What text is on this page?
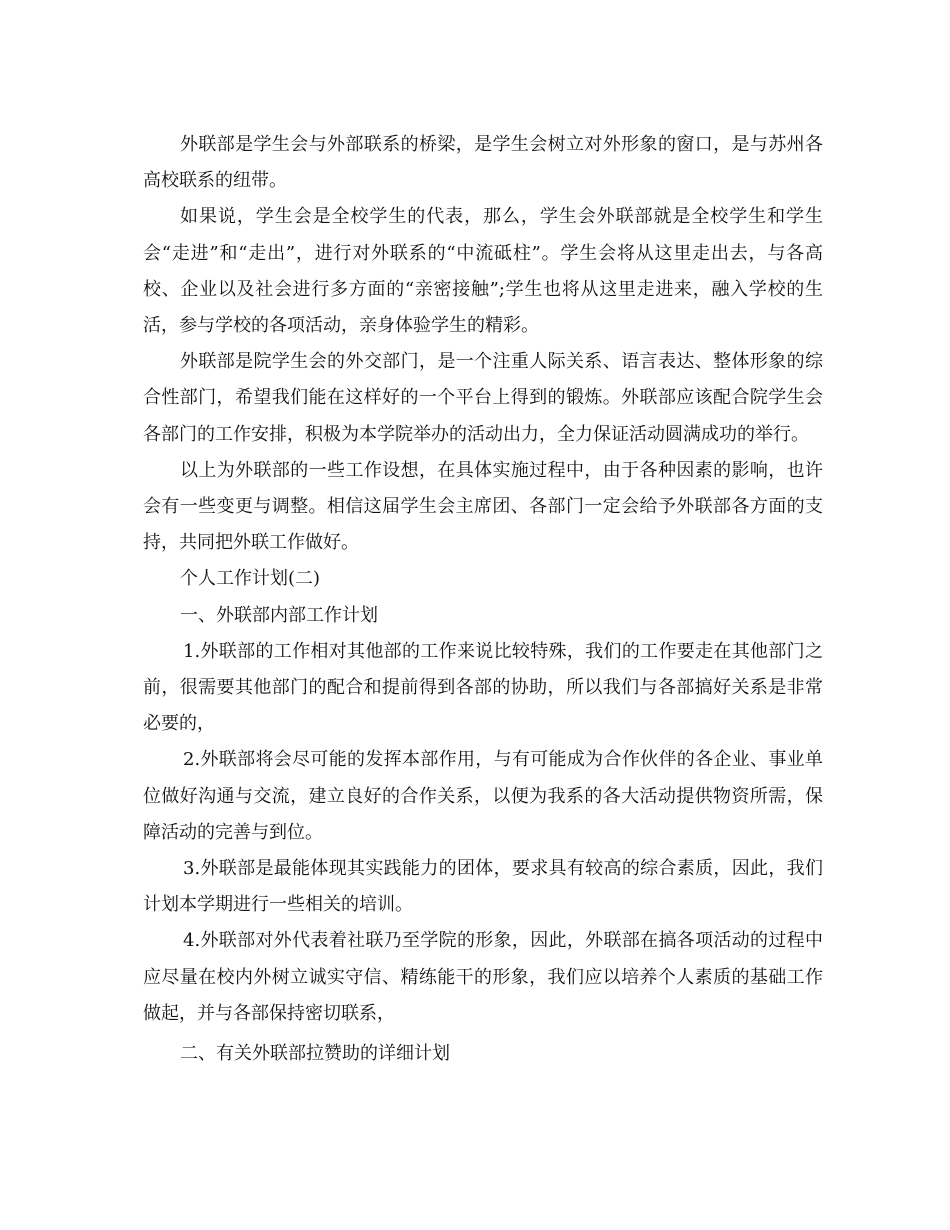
外联部是学生会与外部联系的桥梁，是学生会树立对外形象的窗口，是与苏州各高校联系的纽带。

如果说，学生会是全校学生的代表，那么，学生会外联部就是全校学生和学生会“走进”和“走出”，进行对外联系的“中流砥柱”。学生会将从这里走出去，与各高校、企业以及社会进行多方面的“亲密接触”;学生也将从这里走进来，融入学校的生活，参与学校的各项活动，亲身体验学生的精彩。

外联部是院学生会的外交部门，是一个注重人际关系、语言表达、整体形象的综合性部门，希望我们能在这样好的一个平台上得到的锻炼。外联部应该配合院学生会各部门的工作安排，积极为本学院举办的活动出力，全力保证活动圆满成功的举行。

以上为外联部的一些工作设想，在具体实施过程中，由于各种因素的影响，也许会有一些变更与调整。相信这届学生会主席团、各部门一定会给予外联部各方面的支持，共同把外联工作做好。

个人工作计划(二)

一、外联部内部工作计划

1.外联部的工作相对其他部的工作来说比较特殊，我们的工作要走在其他部门之前，很需要其他部门的配合和提前得到各部的协助，所以我们与各部搞好关系是非常必要的，

2.外联部将会尽可能的发挥本部作用，与有可能成为合作伙伴的各企业、事业单位做好沟通与交流，建立良好的合作关系，以便为我系的各大活动提供物资所需，保障活动的完善与到位。

3.外联部是最能体现其实践能力的团体，要求具有较高的综合素质，因此，我们计划本学期进行一些相关的培训。

4.外联部对外代表着社联乃至学院的形象，因此，外联部在搞各项活动的过程中应尽量在校内外树立诚实守信、精练能干的形象，我们应以培养个人素质的基础工作做起，并与各部保持密切联系，

二、有关外联部拉赞助的详细计划
